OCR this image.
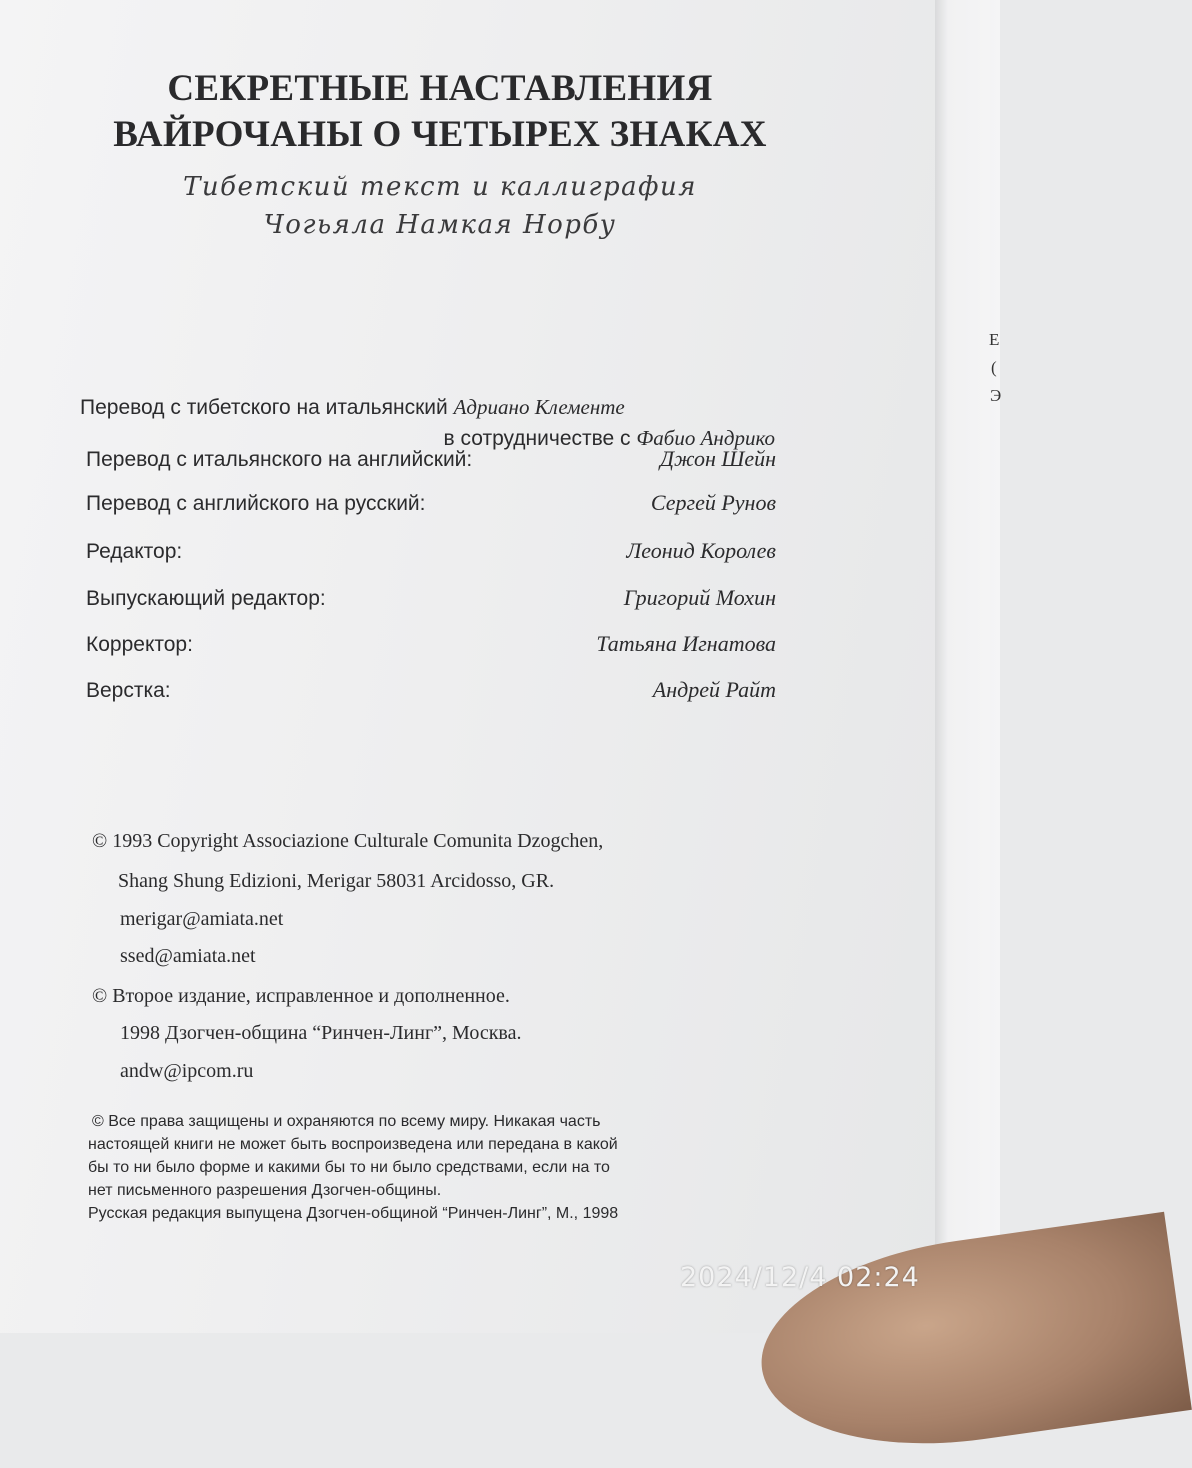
СЕКРЕТНЫЕ НАСТАВЛЕНИЯ
ВАЙРОЧАНЫ О ЧЕТЫРЕХ ЗНАКАХ
Тибетский текст и каллиграфия
Чогьяла Намкая Норбу
Перевод с тибетского на итальянский Адриано Клементе
в сотрудничестве с Фабио Андрико
Перевод с итальянского на английский:	Джон Шейн
Перевод с английского на русский:	Сергей Рунов
Редактор:	Леонид Королев
Выпускающий редактор:	Григорий Мохин
Корректор:	Татьяна Игнатова
Верстка:	Андрей Райт
© 1993 Copyright Associazione Culturale Comunita Dzogchen,
Shang Shung Edizioni, Merigar 58031 Arcidosso, GR.
merigar@amiata.net
ssed@amiata.net
© Второе издание, исправленное и дополненное.
1998 Дзогчен-община “Ринчен-Линг”, Москва.
andw@ipcom.ru

© Все права защищены и охраняются по всему миру. Никакая часть

настоящей книги не может быть воспроизведена или передана в какой

бы то ни было форме и какими бы то ни было средствами, если на то

нет письменного разрешения Дзогчен-общины.

Русская редакция выпущена Дзогчен-общиной “Ринчен-Линг”, М., 1998

Е
(
Э
2024/12/4 02:24
